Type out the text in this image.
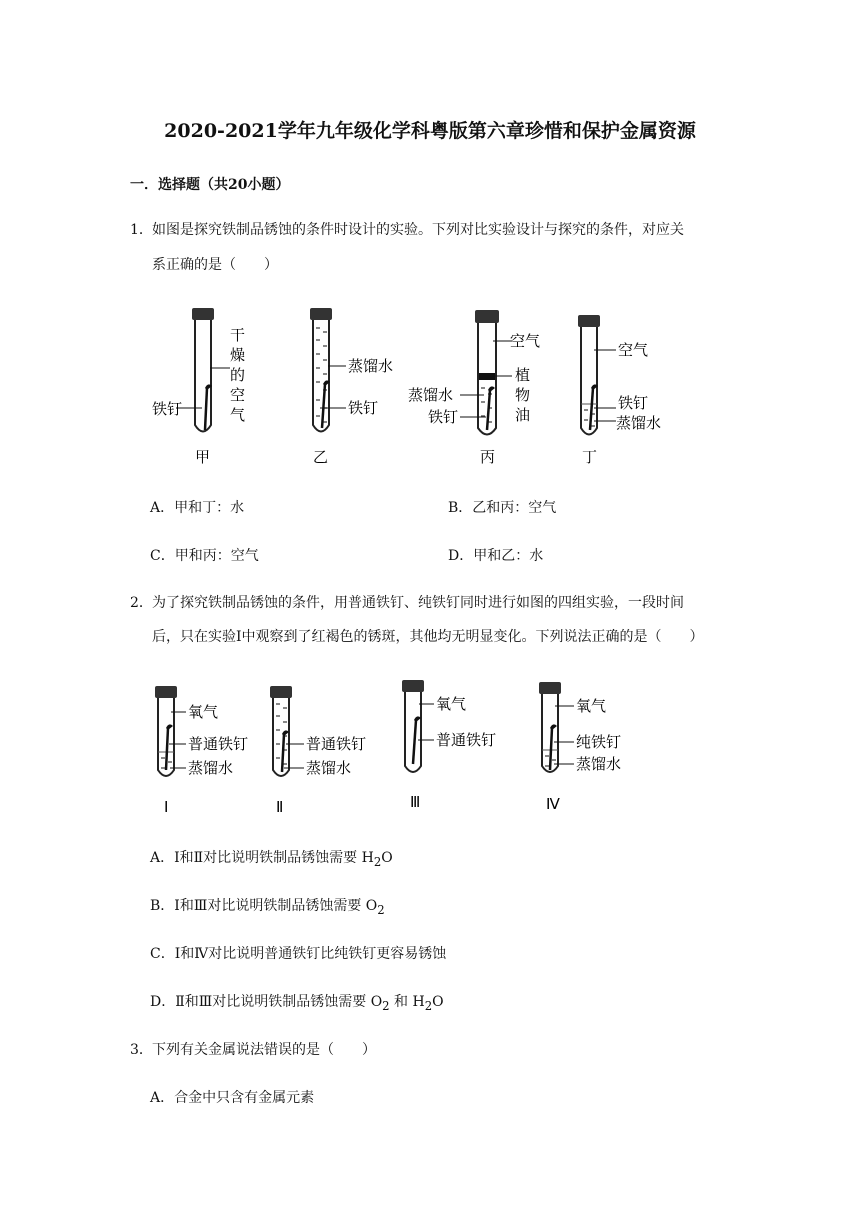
2020-2021学年九年级化学科粤版第六章珍惜和保护金属资源
一．选择题（共20小题）
1． 如图是探究铁制品锈蚀的条件时设计的实验。下列对比实验设计与探究的条件，对应关
系正确的是（　　）
干
燥
的
空
气
铁钉
甲
蒸馏水
铁钉
乙
空气
植
物
油
蒸馏水
铁钉
丙
空气
铁钉
蒸馏水
丁
A．甲和丁：水	B．乙和丙：空气
C．甲和丙：空气	D．甲和乙：水
2． 为了探究铁制品锈蚀的条件，用普通铁钉、纯铁钉同时进行如图的四组实验，一段时间
后，只在实验Ⅰ中观察到了红褐色的锈斑，其他均无明显变化。下列说法正确的是（　　）
氧气
普通铁钉
蒸馏水
Ⅰ
普通铁钉
蒸馏水
Ⅱ
氧气
普通铁钉
Ⅲ
氧气
纯铁钉
蒸馏水
Ⅳ
A．Ⅰ和Ⅱ对比说明铁制品锈蚀需要 $H_2O$
B．Ⅰ和Ⅲ对比说明铁制品锈蚀需要 $O_2$
C．Ⅰ和Ⅳ对比说明普通铁钉比纯铁钉更容易锈蚀
D．Ⅱ和Ⅲ对比说明铁制品锈蚀需要 $O_2$ 和 $H_2O$
3． 下列有关金属说法错误的是（　　）
A．合金中只含有金属元素
